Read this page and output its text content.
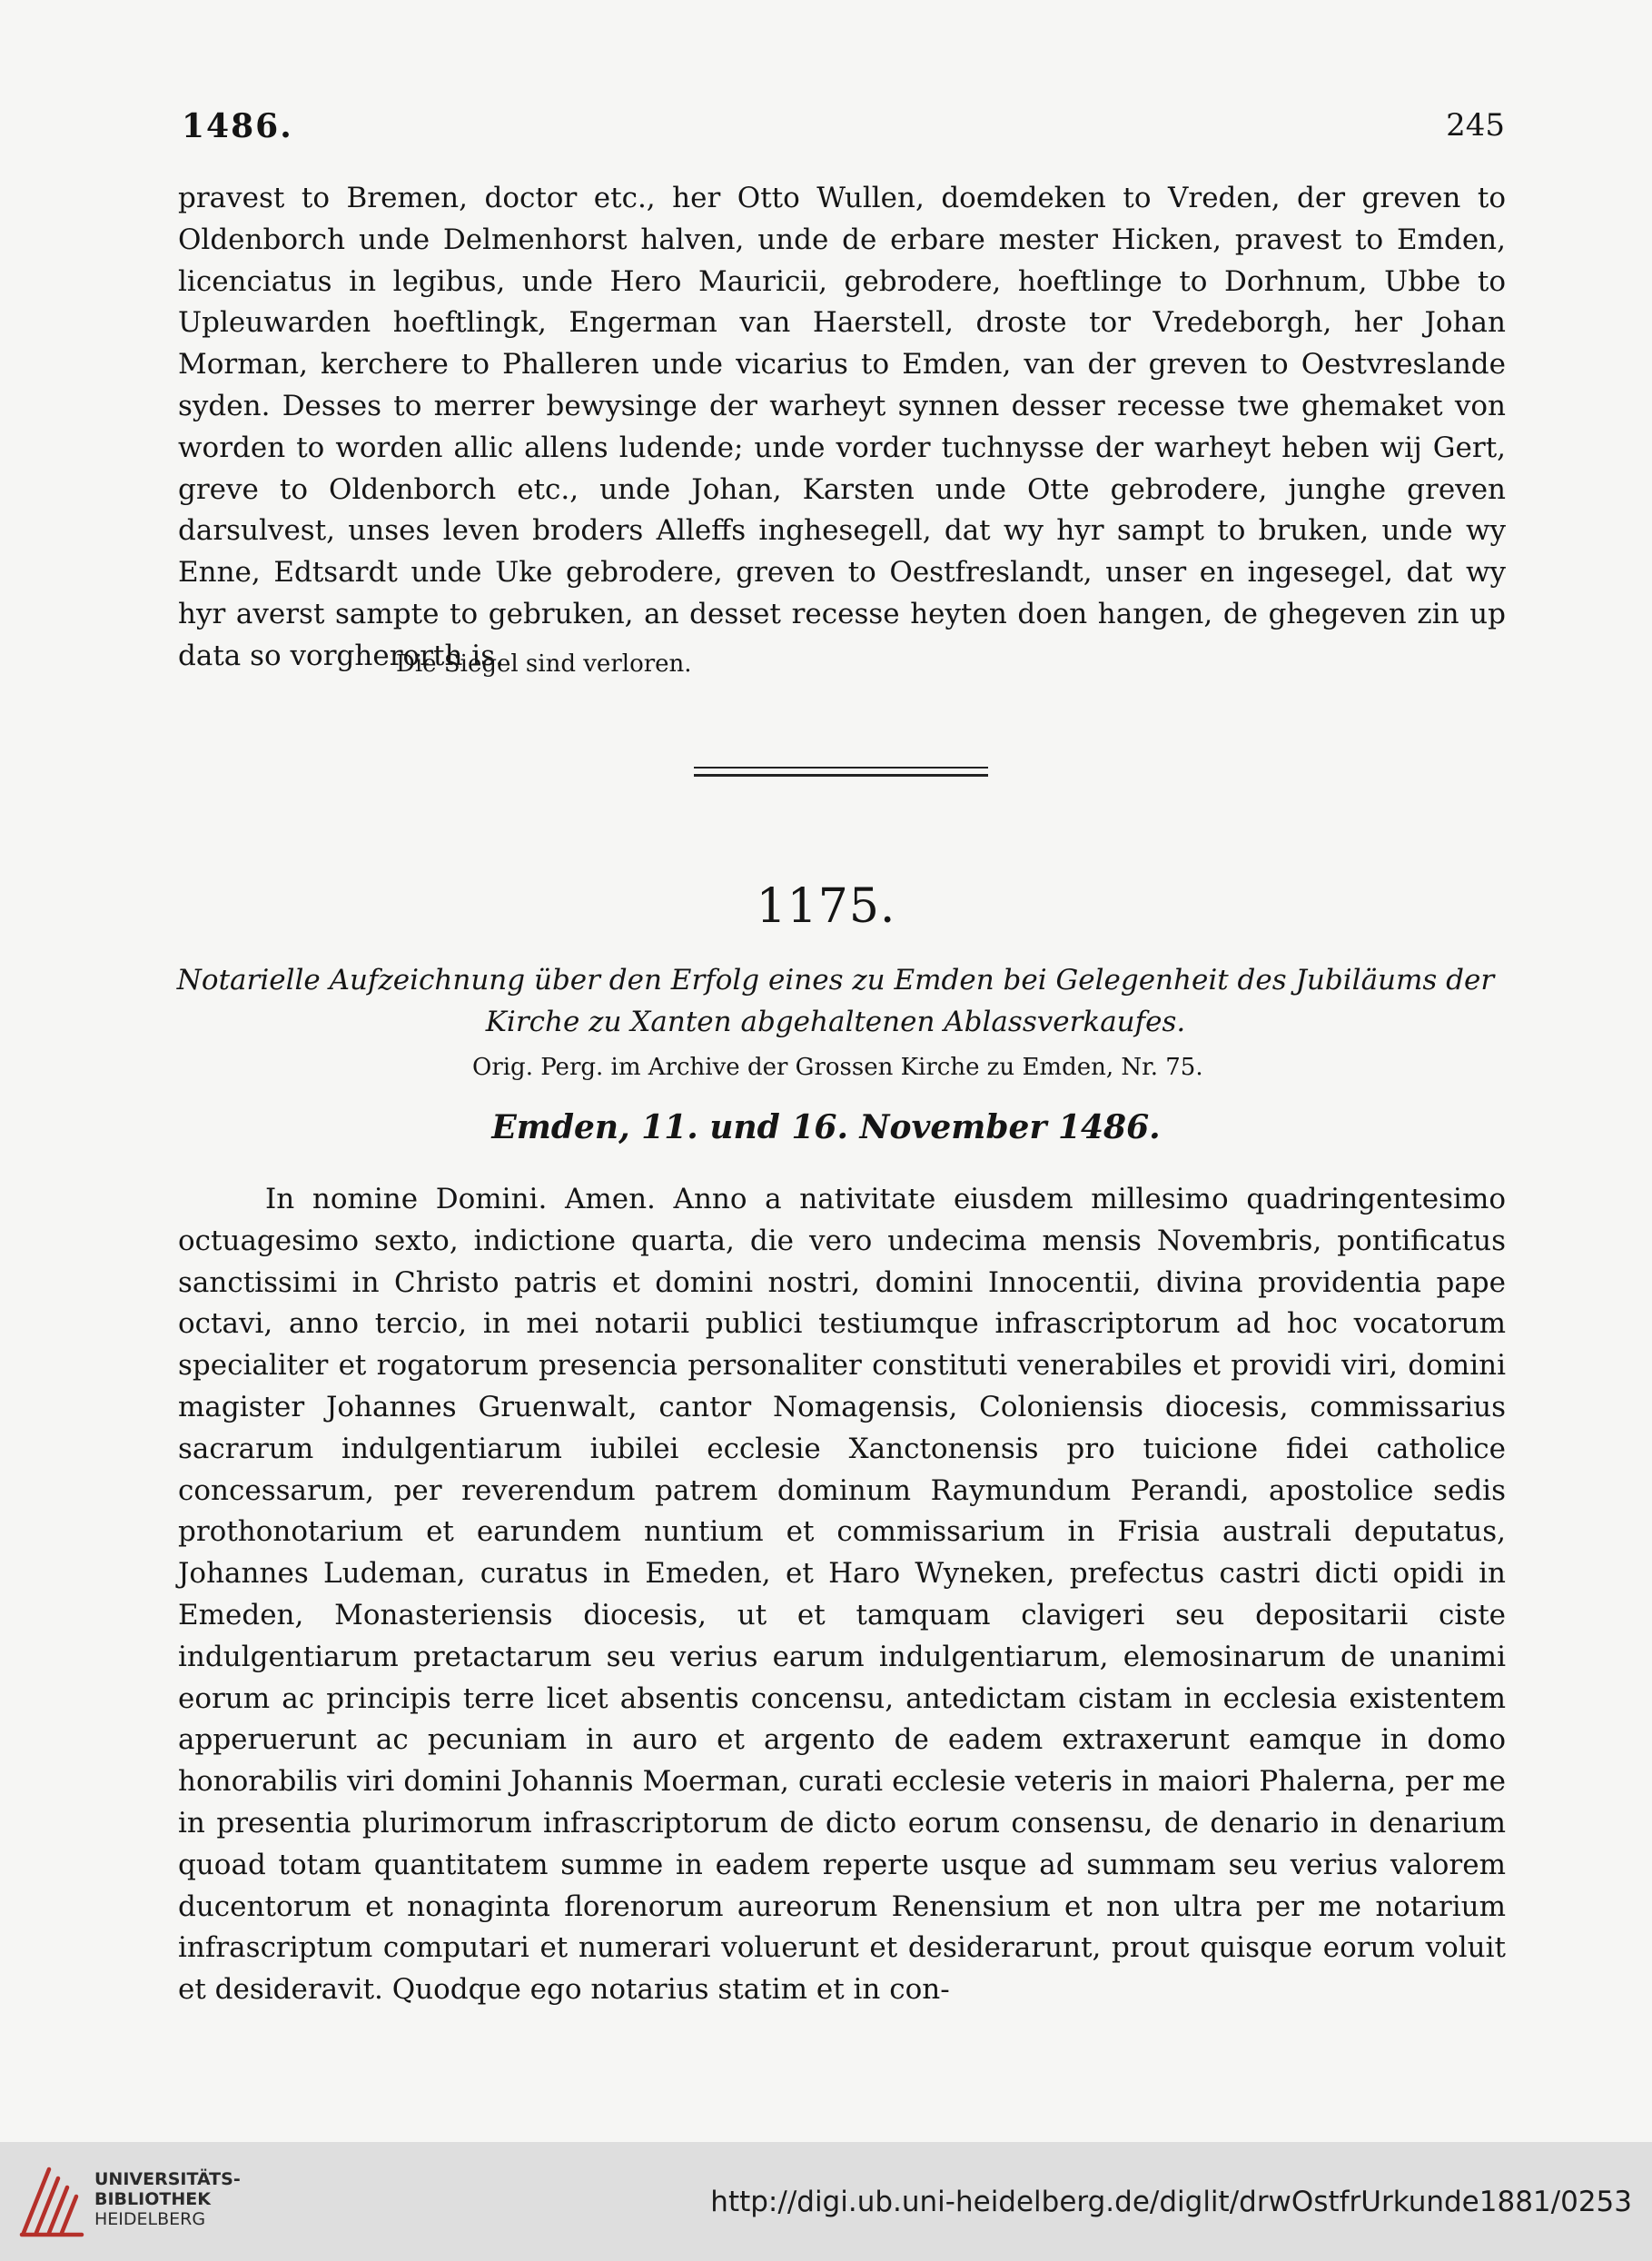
1486.	245

pravest to Bremen, doctor etc., her Otto Wullen, doemdeken to Vreden, der greven to Oldenborch unde Delmenhorst halven, unde de erbare mester Hicken, pravest to Emden, licenciatus in legibus, unde Hero Mauricii, gebrodere, hoeftlinge to Dorhnum, Ubbe to Upleuwarden hoeftlingk, Engerman van Haerstell, droste tor Vredeborgh, her Johan Morman, kerchere to Phalleren unde vicarius to Emden, van der greven to Oestvreslande syden. Desses to merrer bewysinge der warheyt synnen desser recesse twe ghemaket von worden to worden allic allens ludende; unde vorder tuchnysse der warheyt heben wij Gert, greve to Oldenborch etc., unde Johan, Karsten unde Otte gebrodere, junghe greven darsulvest, unses leven broders Alleffs inghesegell, dat wy hyr sampt to bruken, unde wy Enne, Edtsardt unde Uke gebrodere, greven to Oestfreslandt, unser en ingesegel, dat wy hyr averst sampte to gebruken, an desset recesse heyten doen hangen, de ghegeven zin up data so vorgherorth is.

Die Siegel sind verloren.
1175.

Notarielle Aufzeichnung über den Erfolg eines zu Emden bei Gelegenheit des Jubiläums der Kirche zu Xanten abgehaltenen Ablassverkaufes.

Orig. Perg. im Archive der Grossen Kirche zu Emden, Nr. 75.
Emden, 11. und 16. November 1486.

In nomine Domini. Amen. Anno a nativitate eiusdem millesimo quadringentesimo octuagesimo sexto, indictione quarta, die vero undecima mensis Novembris, pontificatus sanctissimi in Christo patris et domini nostri, domini Innocentii, divina providentia pape octavi, anno tercio, in mei notarii publici testiumque infrascriptorum ad hoc vocatorum specialiter et rogatorum presencia personaliter constituti venerabiles et providi viri, domini magister Johannes Gruenwalt, cantor Nomagensis, Coloniensis diocesis, commissarius sacrarum indulgentiarum iubilei ecclesie Xanctonensis pro tuicione fidei catholice concessarum, per reverendum patrem dominum Raymundum Perandi, apostolice sedis prothonotarium et earundem nuntium et commissarium in Frisia australi deputatus, Johannes Ludeman, curatus in Emeden, et Haro Wyneken, prefectus castri dicti opidi in Emeden, Monasteriensis diocesis, ut et tamquam clavigeri seu depositarii ciste indulgentiarum pretactarum seu verius earum indulgentiarum, elemosinarum de unanimi eorum ac principis terre licet absentis concensu, antedictam cistam in ecclesia existentem apperuerunt ac pecuniam in auro et argento de eadem extraxerunt eamque in domo honorabilis viri domini Johannis Moerman, curati ecclesie veteris in maiori Phalerna, per me in presentia plurimorum infrascriptorum de dicto eorum consensu, de denario in denarium quoad totam quantitatem summe in eadem reperte usque ad summam seu verius valorem ducentorum et nonaginta florenorum aureorum Renensium et non ultra per me notarium infrascriptum computari et numerari voluerunt et desiderarunt, prout quisque eorum voluit et desideravit. Quodque ego notarius statim et in con-

UNIVERSITÄTS-
BIBLIOTHEK
HEIDELBERG
http://digi.ub.uni-heidelberg.de/diglit/drwOstfrUrkunde1881/0253
